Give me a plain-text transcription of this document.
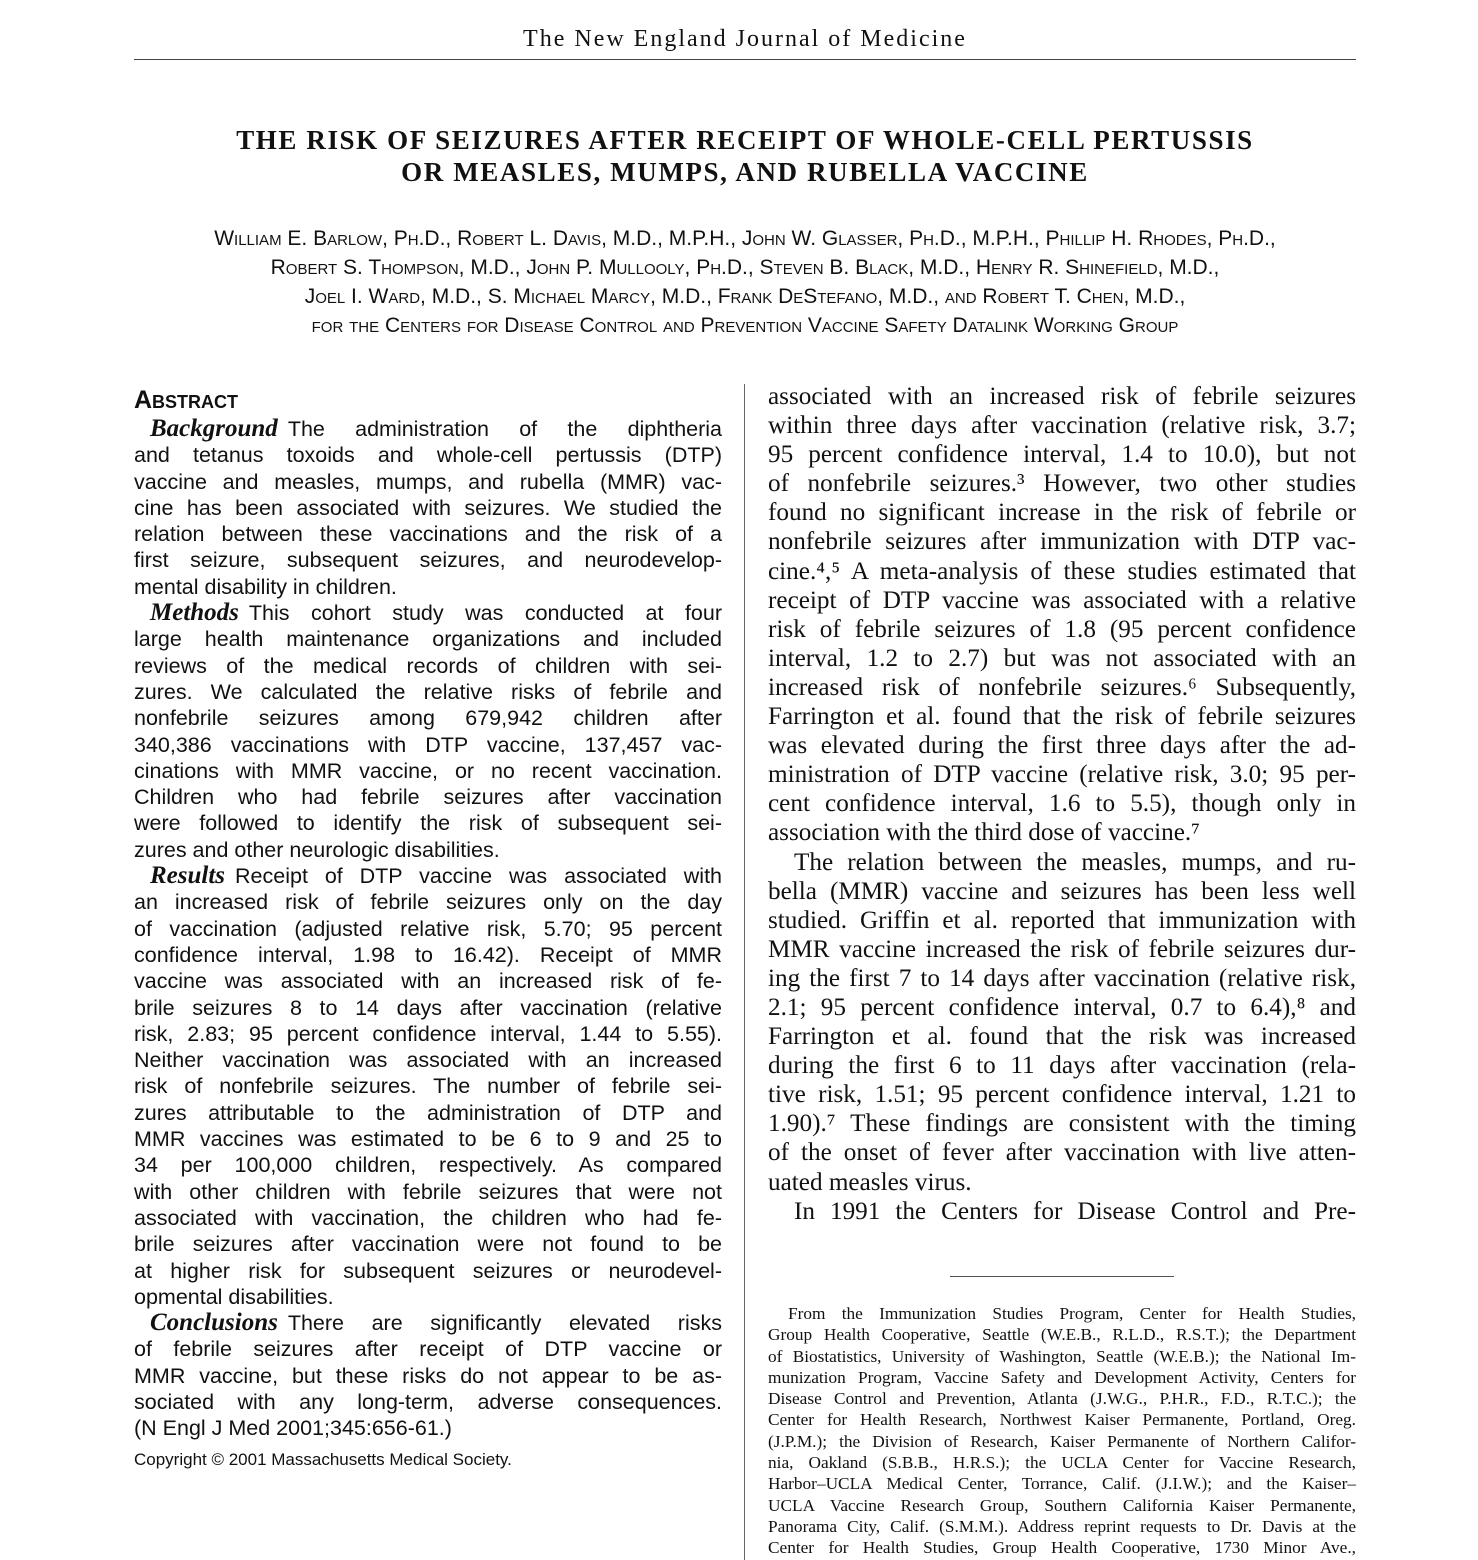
The New England Journal of Medicine
THE RISK OF SEIZURES AFTER RECEIPT OF WHOLE-CELL PERTUSSIS
OR MEASLES, MUMPS, AND RUBELLA VACCINE
William E. Barlow, Ph.D., Robert L. Davis, M.D., M.P.H., John W. Glasser, Ph.D., M.P.H., Phillip H. Rhodes, Ph.D.,
Robert S. Thompson, M.D., John P. Mullooly, Ph.D., Steven B. Black, M.D., Henry R. Shinefield, M.D.,
Joel I. Ward, M.D., S. Michael Marcy, M.D., Frank DeStefano, M.D., and Robert T. Chen, M.D.,
for the Centers for Disease Control and Prevention Vaccine Safety Datalink Working Group
Abstract
Background The administration of the diphtheria
and tetanus toxoids and whole-cell pertussis (DTP)
vaccine and measles, mumps, and rubella (MMR) vac-
cine has been associated with seizures. We studied the
relation between these vaccinations and the risk of a
first seizure, subsequent seizures, and neurodevelop-
mental disability in children.
Methods This cohort study was conducted at four
large health maintenance organizations and included
reviews of the medical records of children with sei-
zures. We calculated the relative risks of febrile and
nonfebrile seizures among 679,942 children after
340,386 vaccinations with DTP vaccine, 137,457 vac-
cinations with MMR vaccine, or no recent vaccination.
Children who had febrile seizures after vaccination
were followed to identify the risk of subsequent sei-
zures and other neurologic disabilities.
Results Receipt of DTP vaccine was associated with
an increased risk of febrile seizures only on the day
of vaccination (adjusted relative risk, 5.70; 95 percent
confidence interval, 1.98 to 16.42). Receipt of MMR
vaccine was associated with an increased risk of fe-
brile seizures 8 to 14 days after vaccination (relative
risk, 2.83; 95 percent confidence interval, 1.44 to 5.55).
Neither vaccination was associated with an increased
risk of nonfebrile seizures. The number of febrile sei-
zures attributable to the administration of DTP and
MMR vaccines was estimated to be 6 to 9 and 25 to
34 per 100,000 children, respectively. As compared
with other children with febrile seizures that were not
associated with vaccination, the children who had fe-
brile seizures after vaccination were not found to be
at higher risk for subsequent seizures or neurodevel-
opmental disabilities.
Conclusions There are significantly elevated risks
of febrile seizures after receipt of DTP vaccine or
MMR vaccine, but these risks do not appear to be as-
sociated with any long-term, adverse consequences.
(N Engl J Med 2001;345:656-61.)
Copyright © 2001 Massachusetts Medical Society.
associated with an increased risk of febrile seizures
within three days after vaccination (relative risk, 3.7;
95 percent confidence interval, 1.4 to 10.0), but not
of nonfebrile seizures.³ However, two other studies
found no significant increase in the risk of febrile or
nonfebrile seizures after immunization with DTP vac-
cine.⁴,⁵ A meta-analysis of these studies estimated that
receipt of DTP vaccine was associated with a relative
risk of febrile seizures of 1.8 (95 percent confidence
interval, 1.2 to 2.7) but was not associated with an
increased risk of nonfebrile seizures.⁶ Subsequently,
Farrington et al. found that the risk of febrile seizures
was elevated during the first three days after the ad-
ministration of DTP vaccine (relative risk, 3.0; 95 per-
cent confidence interval, 1.6 to 5.5), though only in
association with the third dose of vaccine.⁷
The relation between the measles, mumps, and ru-
bella (MMR) vaccine and seizures has been less well
studied. Griffin et al. reported that immunization with
MMR vaccine increased the risk of febrile seizures dur-
ing the first 7 to 14 days after vaccination (relative risk,
2.1; 95 percent confidence interval, 0.7 to 6.4),⁸ and
Farrington et al. found that the risk was increased
during the first 6 to 11 days after vaccination (rela-
tive risk, 1.51; 95 percent confidence interval, 1.21 to
1.90).⁷ These findings are consistent with the timing
of the onset of fever after vaccination with live atten-
uated measles virus.
In 1991 the Centers for Disease Control and Pre-
From the Immunization Studies Program, Center for Health Studies,
Group Health Cooperative, Seattle (W.E.B., R.L.D., R.S.T.); the Department
of Biostatistics, University of Washington, Seattle (W.E.B.); the National Im-
munization Program, Vaccine Safety and Development Activity, Centers for
Disease Control and Prevention, Atlanta (J.W.G., P.H.R., F.D., R.T.C.); the
Center for Health Research, Northwest Kaiser Permanente, Portland, Oreg.
(J.P.M.); the Division of Research, Kaiser Permanente of Northern Califor-
nia, Oakland (S.B.B., H.R.S.); the UCLA Center for Vaccine Research,
Harbor–UCLA Medical Center, Torrance, Calif. (J.I.W.); and the Kaiser–
UCLA Vaccine Research Group, Southern California Kaiser Permanente,
Panorama City, Calif. (S.M.M.). Address reprint requests to Dr. Davis at the
Center for Health Studies, Group Health Cooperative, 1730 Minor Ave.,
